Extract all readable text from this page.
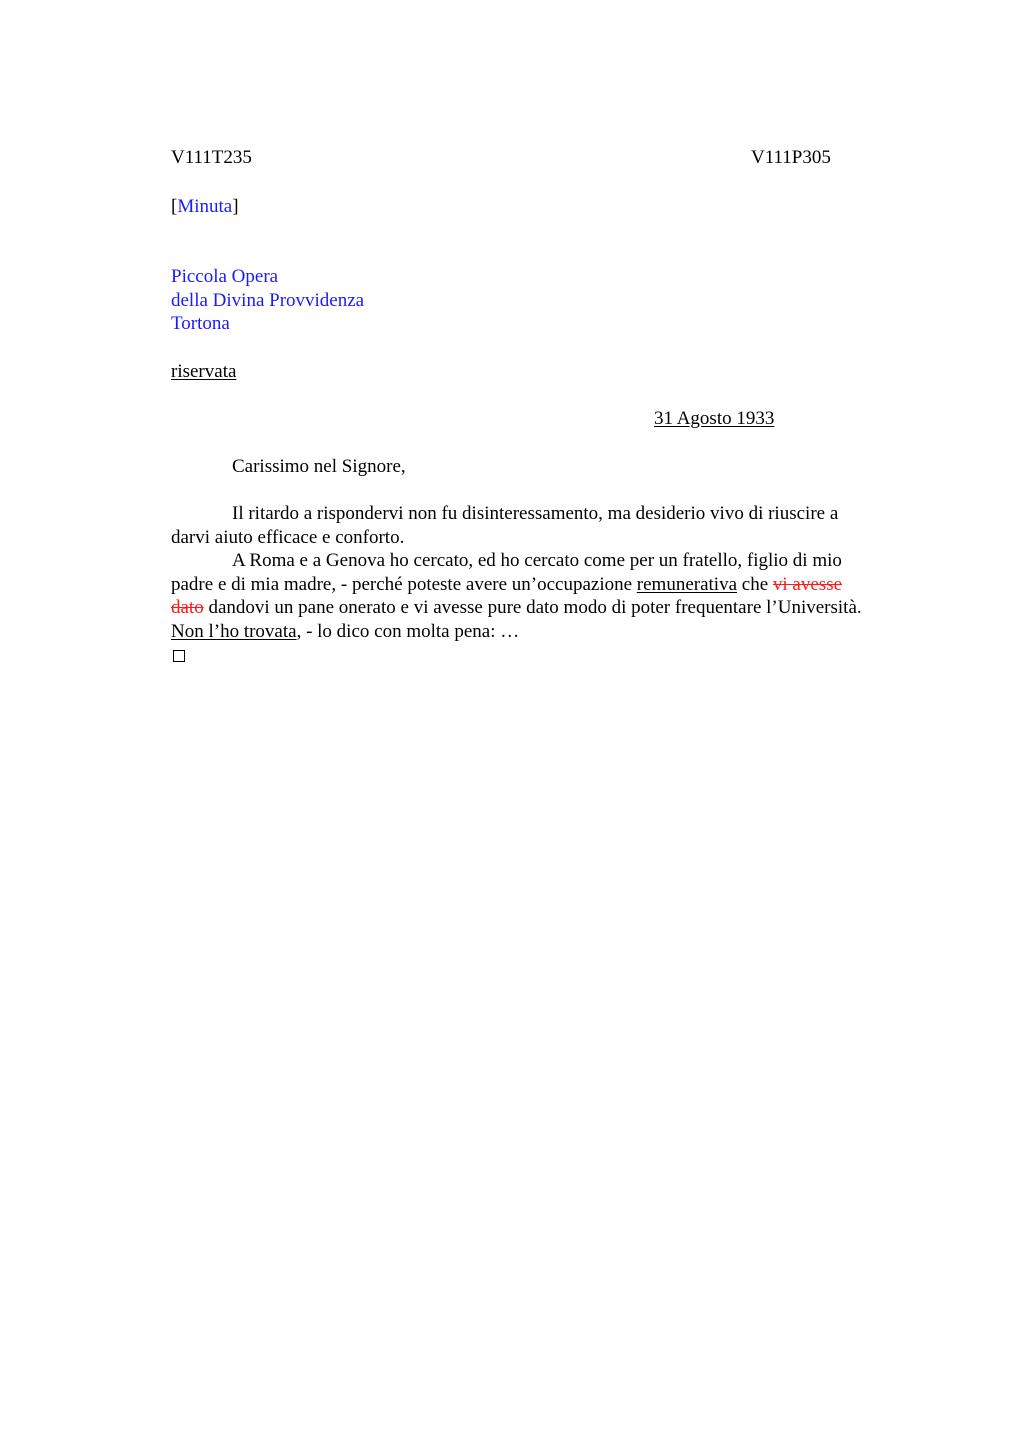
V111T235	V111P305
[Minuta]
Piccola Opera
della Divina Provvidenza
Tortona
riservata
31 Agosto 1933
Carissimo nel Signore,

Il ritardo a rispondervi non fu disinteressamento, ma desiderio vivo di riuscire a

darvi aiuto efficace e conforto.

A Roma e a Genova ho cercato, ed ho cercato come per un fratello, figlio di mio

padre e di mia madre, - perché poteste avere un’occupazione remunerativa che vi avesse
dato dandovi un pane onerato e vi avesse pure dato modo di poter frequentare l’Università.
Non l’ho trovata, - lo dico con molta pena: …
